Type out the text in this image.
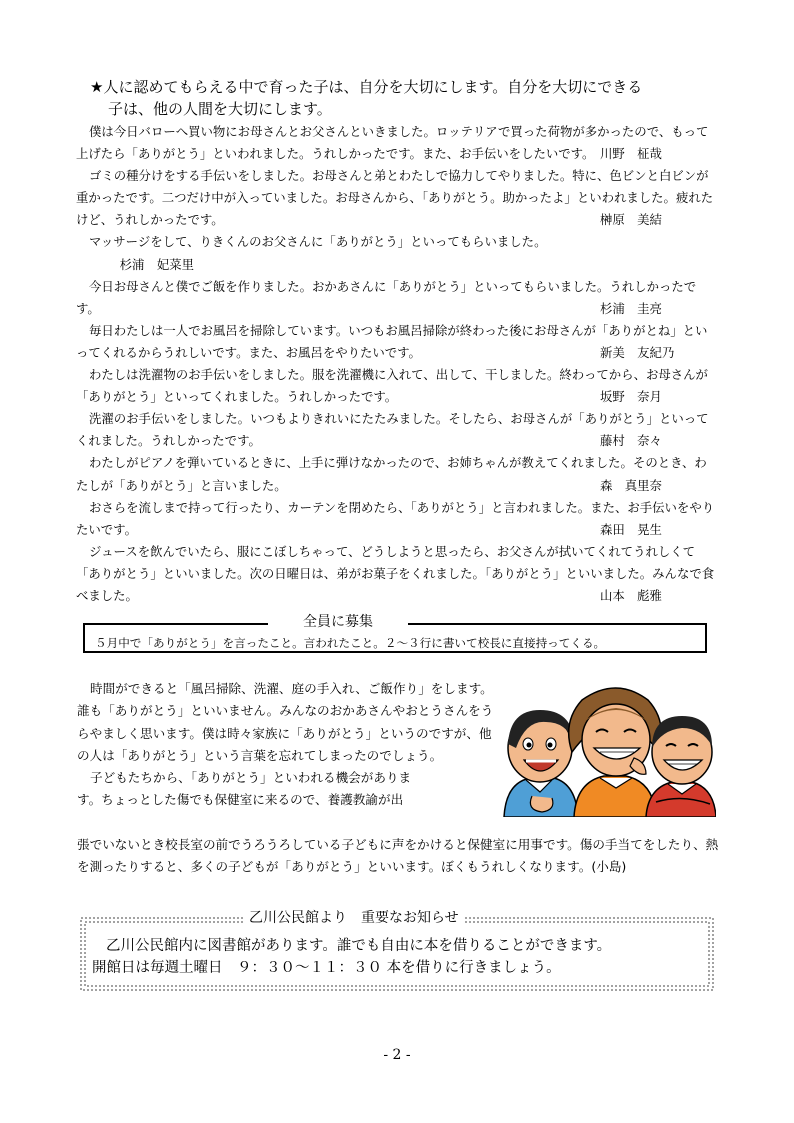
★人に認めてもらえる中で育った子は、自分を大切にします。自分を大切にできる
子は、他の人間を大切にします。
僕は今日バローへ買い物にお母さんとお父さんといきました。ロッテリアで買った荷物が多かったので、もって上げたら「ありがとう」といわれました。うれしかったです。また、お手伝いをしたいです。 川野　柾哉
ゴミの種分けをする手伝いをしました。お母さんと弟とわたしで協力してやりました。特に、色ビンと白ビンが重かったです。二つだけ中が入っていました。お母さんから、「ありがとう。助かったよ」といわれました。疲れたけど、うれしかったです。	榊原　美結
マッサージをして、りきくんのお父さんに「ありがとう」といってもらいました。
杉浦　妃菜里
今日お母さんと僕でご飯を作りました。おかあさんに「ありがとう」といってもらいました。うれしかったです。	杉浦　圭亮
毎日わたしは一人でお風呂を掃除しています。いつもお風呂掃除が終わった後にお母さんが「ありがとね」といってくれるからうれしいです。また、お風呂をやりたいです。	新美　友紀乃
わたしは洗濯物のお手伝いをしました。服を洗濯機に入れて、出して、干しました。終わってから、お母さんが「ありがとう」といってくれました。うれしかったです。	坂野　奈月
洗濯のお手伝いをしました。いつもよりきれいにたたみました。そしたら、お母さんが「ありがとう」といってくれました。うれしかったです。	藤村　奈々
わたしがピアノを弾いているときに、上手に弾けなかったので、お姉ちゃんが教えてくれました。そのとき、わたしが「ありがとう」と言いました。	森　真里奈
おさらを流しまで持って行ったり、カーテンを閉めたら、「ありがとう」と言われました。また、お手伝いをやりたいです。	森田　晃生
ジュースを飲んでいたら、服にこぼしちゃって、どうしようと思ったら、お父さんが拭いてくれてうれしくて「ありがとう」といいました。次の日曜日は、弟がお菓子をくれました。「ありがとう」といいました。みんなで食べました。	山本　彪雅
全員に募集
５月中で「ありがとう」を言ったこと。言われたこと。２～３行に書いて校長に直接持ってくる。

時間ができると「風呂掃除、洗濯、庭の手入れ、ご飯作り」をします。誰も「ありがとう」といいません。みんなのおかあさんやおとうさんをうらやましく思います。僕は時々家族に「ありがとう」というのですが、他の人は「ありがとう」という言葉を忘れてしまったのでしょう。

子どもたちから、「ありがとう」といわれる機会がありま

す。ちょっとした傷でも保健室に来るので、養護教諭が出

張でいないとき校長室の前でうろうろしている子どもに声をかけると保健室に用事です。傷の手当てをしたり、熱を測ったりすると、多くの子どもが「ありがとう」といいます。ぼくもうれしくなります。(小島)

乙川公民館より　重要なお知らせ
乙川公民館内に図書館があります。誰でも自由に本を借りることができます。
開館日は毎週土曜日　９：３０～１１：３０ 本を借りに行きましょう。
- 2 -
